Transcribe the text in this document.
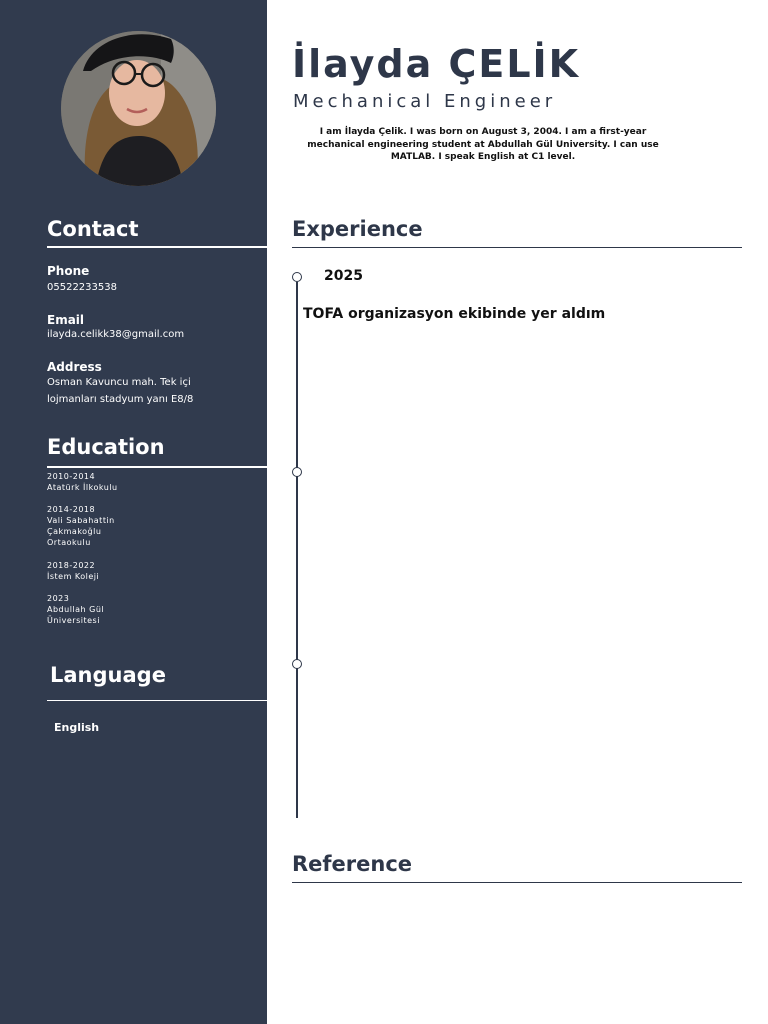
Contact
Phone
05522233538
Email
ilayda.celikk38@gmail.com
Address
Osman Kavuncu mah. Tek içi lojmanları stadyum yanı E8/8
Education
2010-2014
Atatürk İlkokulu
2014-2018
Vali Sabahattin Çakmakoğlu Ortaokulu
2018-2022
İstem Koleji
2023
Abdullah Gül Üniversitesi
Language
English
İlayda ÇELİK
Mechanical Engineer
I am İlayda Çelik. I was born on August 3, 2004. I am a first-year mechanical engineering student at Abdullah Gül University. I can use MATLAB. I speak English at C1 level.
Experience
2025
TOFA organizasyon ekibinde yer aldım
Reference
